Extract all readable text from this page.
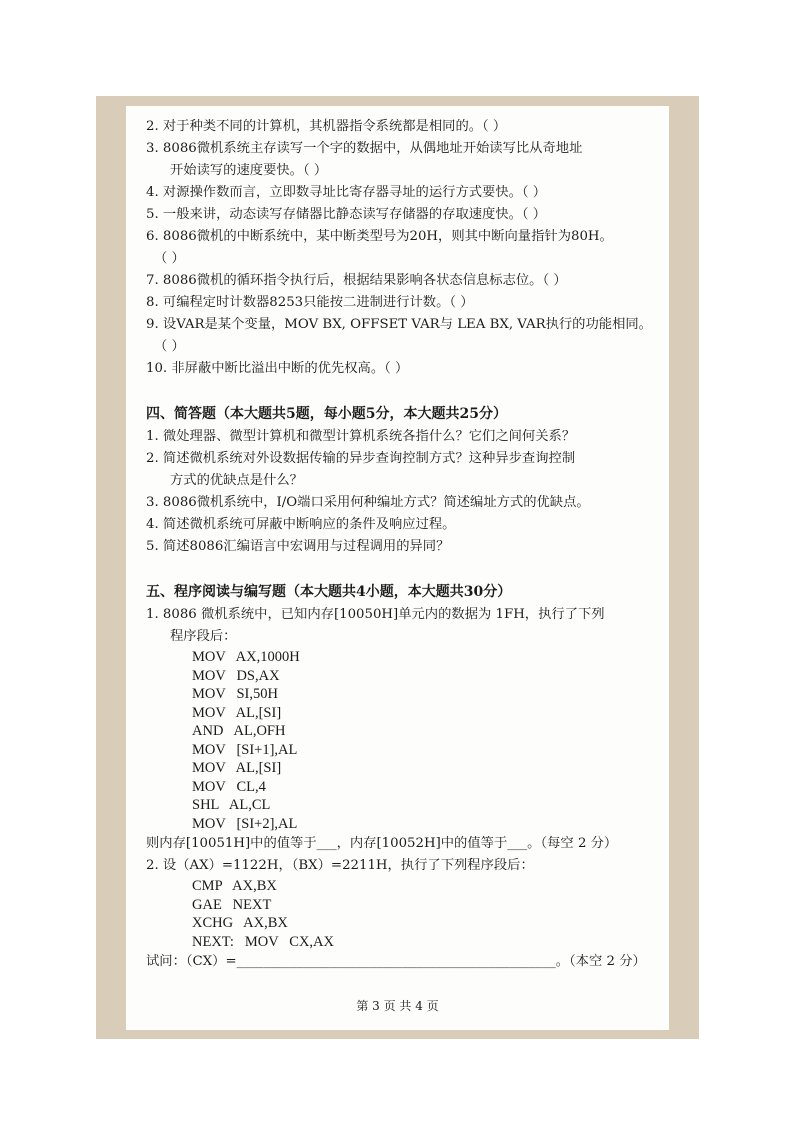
2. 对于种类不同的计算机，其机器指令系统都是相同的。（ ）
3. 8086微机系统主存读写一个字的数据中，从偶地址开始读写比从奇地址
开始读写的速度要快。（ ）
4. 对源操作数而言，立即数寻址比寄存器寻址的运行方式要快。（ ）
5. 一般来讲，动态读写存储器比静态读写存储器的存取速度快。（ ）
6. 8086微机的中断系统中，某中断类型号为20H，则其中断向量指针为80H。
（ ）
7. 8086微机的循环指令执行后，根据结果影响各状态信息标志位。（ ）
8. 可编程定时计数器8253只能按二进制进行计数。（ ）
9. 设VAR是某个变量，MOV BX, OFFSET VAR与 LEA BX, VAR执行的功能相同。
（ ）
10. 非屏蔽中断比溢出中断的优先权高。（ ）
四、简答题（本大题共5题，每小题5分，本大题共25分）
1. 微处理器、微型计算机和微型计算机系统各指什么？它们之间何关系？
2. 简述微机系统对外设数据传输的异步查询控制方式？这种异步查询控制
方式的优缺点是什么？
3. 8086微机系统中，I/O端口采用何种编址方式？简述编址方式的优缺点。
4. 简述微机系统可屏蔽中断响应的条件及响应过程。
5. 简述8086汇编语言中宏调用与过程调用的异同？
五、程序阅读与编写题（本大题共4小题，本大题共30分）
1. 8086 微机系统中，已知内存[10050H]单元内的数据为 1FH，执行了下列
程序段后：
MOV   AX,1000H
MOV   DS,AX
MOV   SI,50H
MOV   AL,[SI]
AND   AL,OFH
MOV   [SI+1],AL
MOV   AL,[SI]
MOV   CL,4
SHL   AL,CL
MOV   [SI+2],AL
则内存[10051H]中的值等于___，内存[10052H]中的值等于___。（每空 2 分）
2. 设（AX）=1122H，（BX）=2211H，执行了下列程序段后：
CMP   AX,BX
GAE   NEXT
XCHG   AX,BX
NEXT:   MOV   CX,AX
试问：（CX）=________________________________________________。（本空 2 分）
第 3 页 共 4 页
